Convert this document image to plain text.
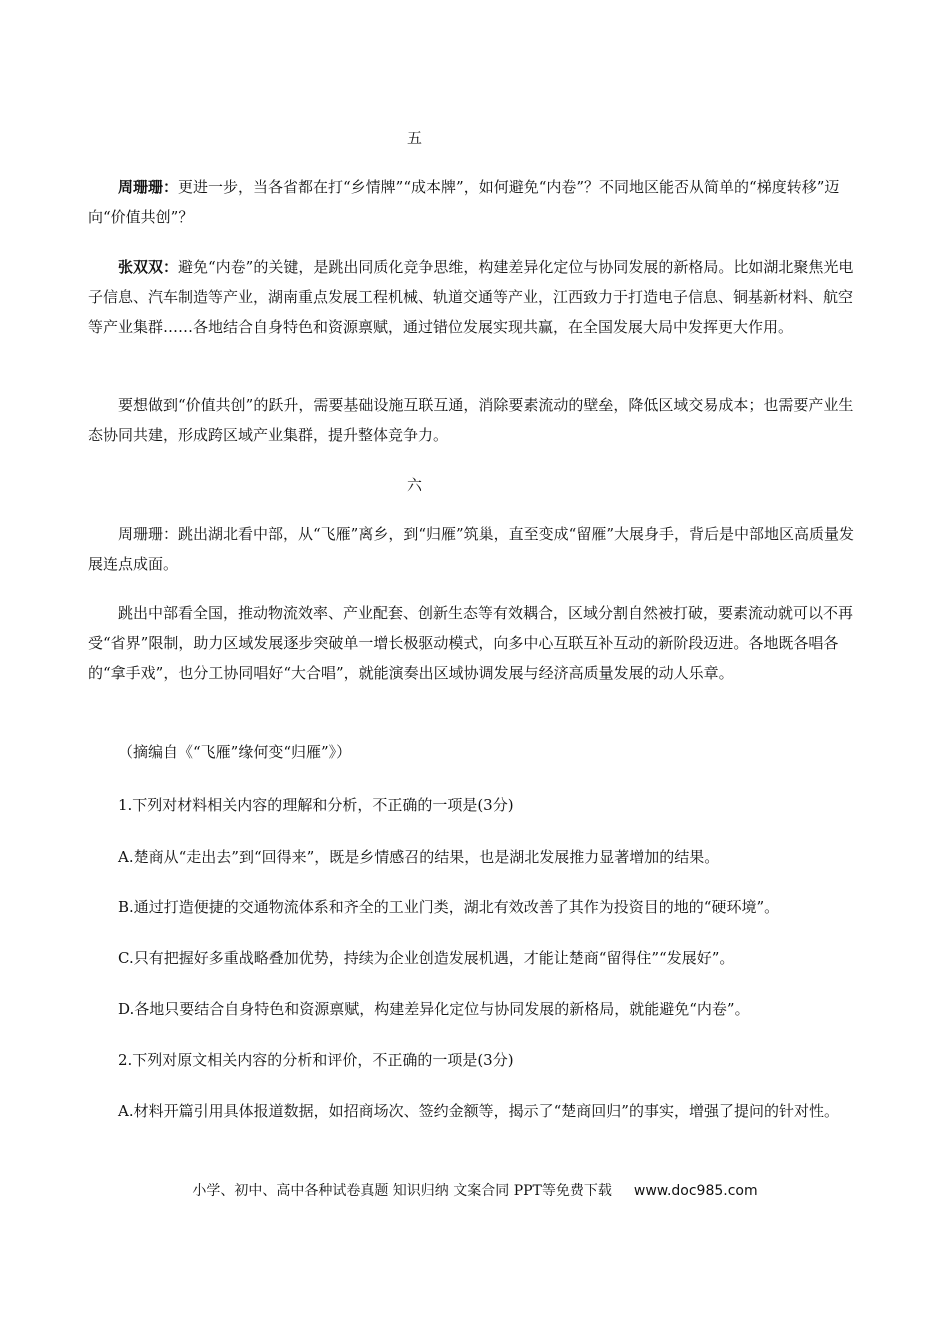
五

周珊珊：更进一步，当各省都在打“乡情牌”“成本牌”，如何避免“内卷”？不同地区能否从简单的“梯度转移”迈向“价值共创”？

张双双：避免“内卷”的关键，是跳出同质化竞争思维，构建差异化定位与协同发展的新格局。比如湖北聚焦光电子信息、汽车制造等产业，湖南重点发展工程机械、轨道交通等产业，江西致力于打造电子信息、铜基新材料、航空等产业集群……各地结合自身特色和资源禀赋，通过错位发展实现共赢，在全国发展大局中发挥更大作用。

要想做到“价值共创”的跃升，需要基础设施互联互通，消除要素流动的壁垒，降低区域交易成本；也需要产业生态协同共建，形成跨区域产业集群，提升整体竞争力。

六

周珊珊：跳出湖北看中部，从“飞雁”离乡，到“归雁”筑巢，直至变成“留雁”大展身手，背后是中部地区高质量发展连点成面。

跳出中部看全国，推动物流效率、产业配套、创新生态等有效耦合，区域分割自然被打破，要素流动就可以不再受“省界”限制，助力区域发展逐步突破单一增长极驱动模式，向多中心互联互补互动的新阶段迈进。各地既各唱各的“拿手戏”，也分工协同唱好“大合唱”，就能演奏出区域协调发展与经济高质量发展的动人乐章。

（摘编自《“飞雁”缘何变“归雁”》）

1.下列对材料相关内容的理解和分析，不正确的一项是(3分)

A.楚商从“走出去”到“回得来”，既是乡情感召的结果，也是湖北发展推力显著增加的结果。

B.通过打造便捷的交通物流体系和齐全的工业门类，湖北有效改善了其作为投资目的地的“硬环境”。

C.只有把握好多重战略叠加优势，持续为企业创造发展机遇，才能让楚商“留得住”“发展好”。

D.各地只要结合自身特色和资源禀赋，构建差异化定位与协同发展的新格局，就能避免“内卷”。

2.下列对原文相关内容的分析和评价，不正确的一项是(3分)

A.材料开篇引用具体报道数据，如招商场次、签约金额等，揭示了“楚商回归”的事实，增强了提问的针对性。

小学、初中、高中各种试卷真题 知识归纳 文案合同 PPT等免费下载 www.doc985.com
